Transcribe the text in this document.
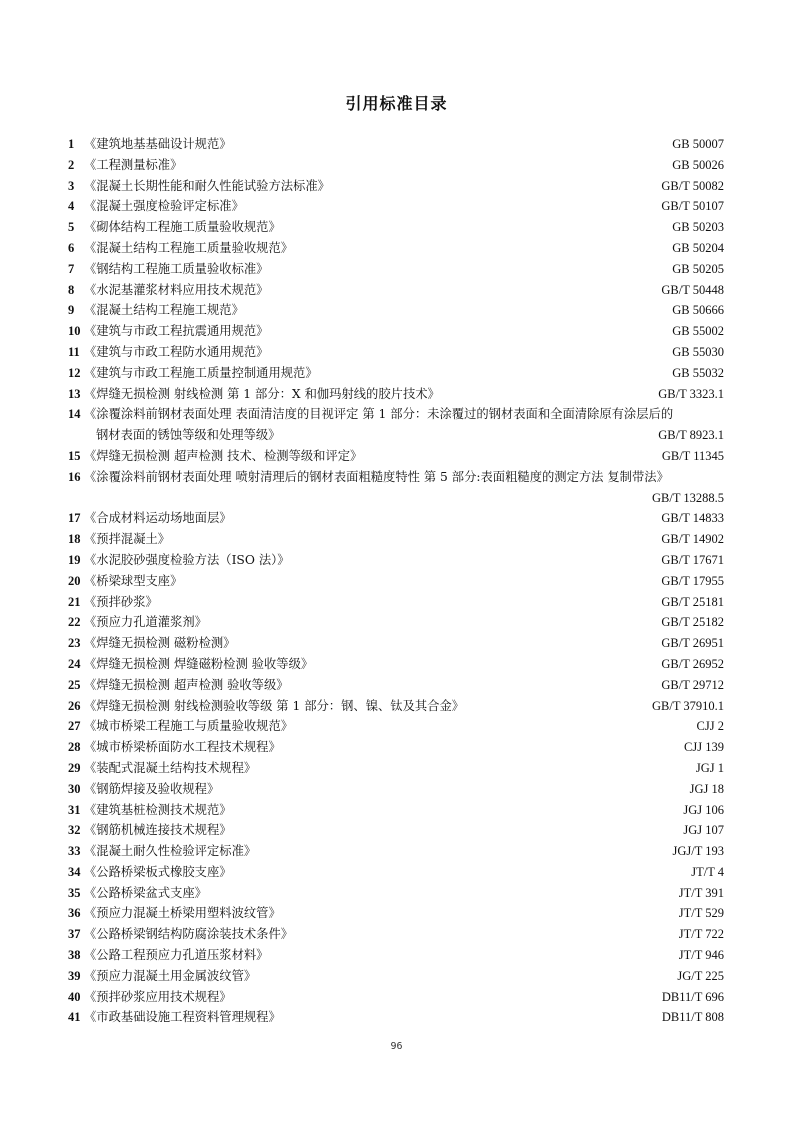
引用标准目录
1 《建筑地基基础设计规范》	GB 50007
2 《工程测量标准》	GB 50026
3 《混凝土长期性能和耐久性能试验方法标准》	GB/T 50082
4 《混凝土强度检验评定标准》	GB/T 50107
5 《砌体结构工程施工质量验收规范》	GB 50203
6 《混凝土结构工程施工质量验收规范》	GB 50204
7 《钢结构工程施工质量验收标准》	GB 50205
8 《水泥基灌浆材料应用技术规范》	GB/T 50448
9 《混凝土结构工程施工规范》	GB 50666
10 《建筑与市政工程抗震通用规范》	GB 55002
11 《建筑与市政工程防水通用规范》	GB 55030
12 《建筑与市政工程施工质量控制通用规范》	GB 55032
13 《焊缝无损检测 射线检测 第 1 部分：X 和伽玛射线的胶片技术》	GB/T 3323.1
14 《涂覆涂料前钢材表面处理 表面清洁度的目视评定 第 1 部分：未涂覆过的钢材表面和全面清除原有涂层后的
钢材表面的锈蚀等级和处理等级》	GB/T 8923.1
15 《焊缝无损检测 超声检测 技术、检测等级和评定》	GB/T 11345
16 《涂覆涂料前钢材表面处理 喷射清理后的钢材表面粗糙度特性 第 5 部分:表面粗糙度的测定方法 复制带法》
GB/T 13288.5
17 《合成材料运动场地面层》	GB/T 14833
18 《预拌混凝土》	GB/T 14902
19 《水泥胶砂强度检验方法（ISO 法）》	GB/T 17671
20 《桥梁球型支座》	GB/T 17955
21 《预拌砂浆》	GB/T 25181
22 《预应力孔道灌浆剂》	GB/T 25182
23 《焊缝无损检测 磁粉检测》	GB/T 26951
24 《焊缝无损检测 焊缝磁粉检测 验收等级》	GB/T 26952
25 《焊缝无损检测 超声检测 验收等级》	GB/T 29712
26 《焊缝无损检测 射线检测验收等级 第 1 部分：钢、镍、钛及其合金》	GB/T 37910.1
27 《城市桥梁工程施工与质量验收规范》	CJJ 2
28 《城市桥梁桥面防水工程技术规程》	CJJ 139
29 《装配式混凝土结构技术规程》	JGJ 1
30 《钢筋焊接及验收规程》	JGJ 18
31 《建筑基桩检测技术规范》	JGJ 106
32 《钢筋机械连接技术规程》	JGJ 107
33 《混凝土耐久性检验评定标准》	JGJ/T 193
34 《公路桥梁板式橡胶支座》	JT/T 4
35 《公路桥梁盆式支座》	JT/T 391
36 《预应力混凝土桥梁用塑料波纹管》	JT/T 529
37 《公路桥梁钢结构防腐涂装技术条件》	JT/T 722
38 《公路工程预应力孔道压浆材料》	JT/T 946
39 《预应力混凝土用金属波纹管》	JG/T 225
40 《预拌砂浆应用技术规程》	DB11/T 696
41 《市政基础设施工程资料管理规程》	DB11/T 808
96
